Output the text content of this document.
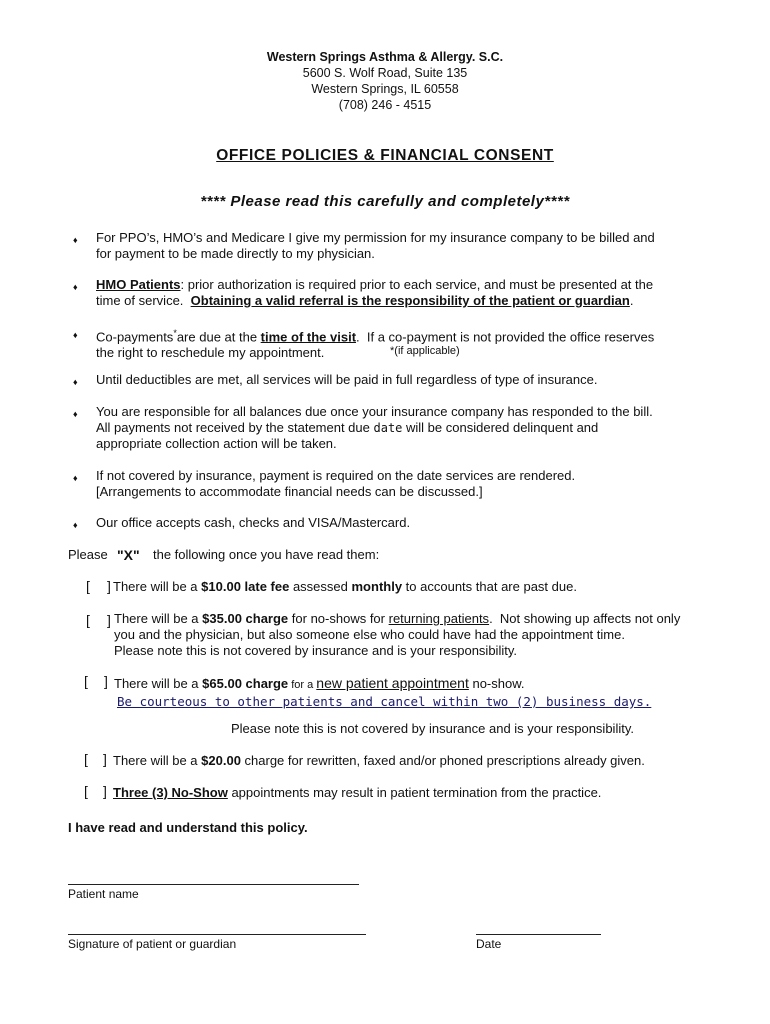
Western Springs Asthma & Allergy. S.C.
5600 S. Wolf Road, Suite 135
Western Springs, IL 60558
(708) 246 - 4515
OFFICE POLICIES & FINANCIAL CONSENT
**** Please read this carefully and completely****
♦ For PPO’s, HMO’s and Medicare I give my permission for my insurance company to be billed and
for payment to be made directly to my physician.
♦ HMO Patients: prior authorization is required prior to each service, and must be presented at the
time of service.  Obtaining a valid referral is the responsibility of the patient or guardian.
♦ Co-payments*are due at the time of the visit.  If a co-payment is not provided the office reserves
the right to reschedule my appointment.	*(if applicable)
♦ Until deductibles are met, all services will be paid in full regardless of type of insurance.
♦ You are responsible for all balances due once your insurance company has responded to the bill.
All payments not received by the statement due date will be considered delinquent and
appropriate collection action will be taken.
♦ If not covered by insurance, payment is required on the date services are rendered.
[Arrangements to accommodate financial needs can be discussed.]
♦ Our office accepts cash, checks and VISA/Mastercard.
Please "X" the following once you have read them:
[ ] There will be a $10.00 late fee assessed monthly to accounts that are past due.
[ ] There will be a $35.00 charge for no-shows for returning patients.  Not showing up affects not only
you and the physician, but also someone else who could have had the appointment time.
Please note this is not covered by insurance and is your responsibility.
[ ] There will be a $65.00 charge for a new patient appointment no-show.
Be courteous to other patients and cancel within two (2) business days.
Please note this is not covered by insurance and is your responsibility.
[ ] There will be a $20.00 charge for rewritten, faxed and/or phoned prescriptions already given.
[ ] Three (3) No-Show appointments may result in patient termination from the practice.
I have read and understand this policy.
Patient name
Signature of patient or guardian	Date
